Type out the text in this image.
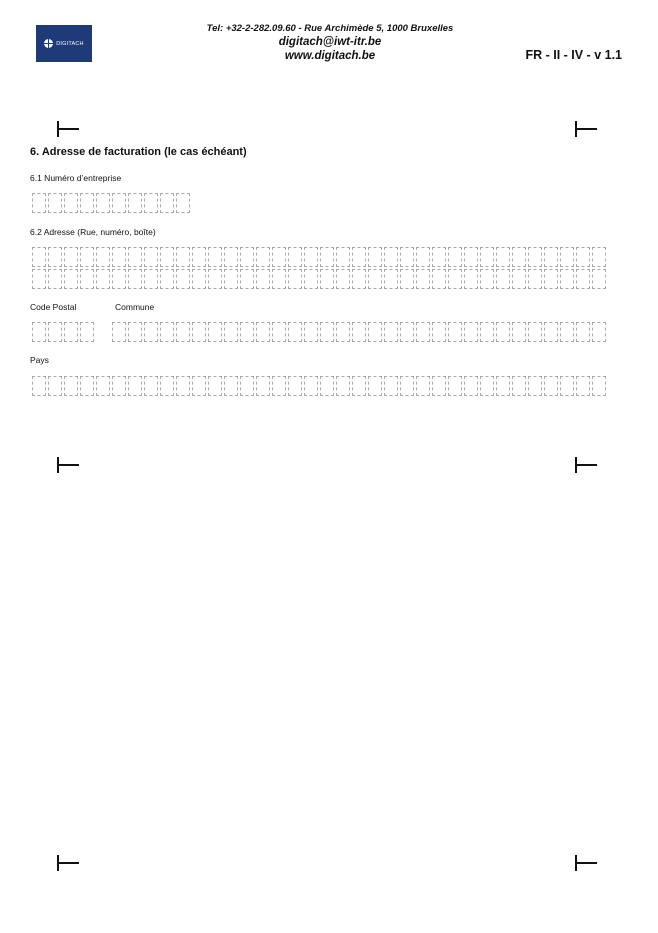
DIGITACH
Tel: +32-2-282.09.60 - Rue Archimède 5, 1000 Bruxelles
digitach@iwt-itr.be
www.digitach.be	FR - II - IV - v 1.1
6. Adresse de facturation (le cas échéant)
6.1 Numéro d’entreprise
6.2 Adresse (Rue, numéro, boîte)
Code Postal	Commune
Pays
